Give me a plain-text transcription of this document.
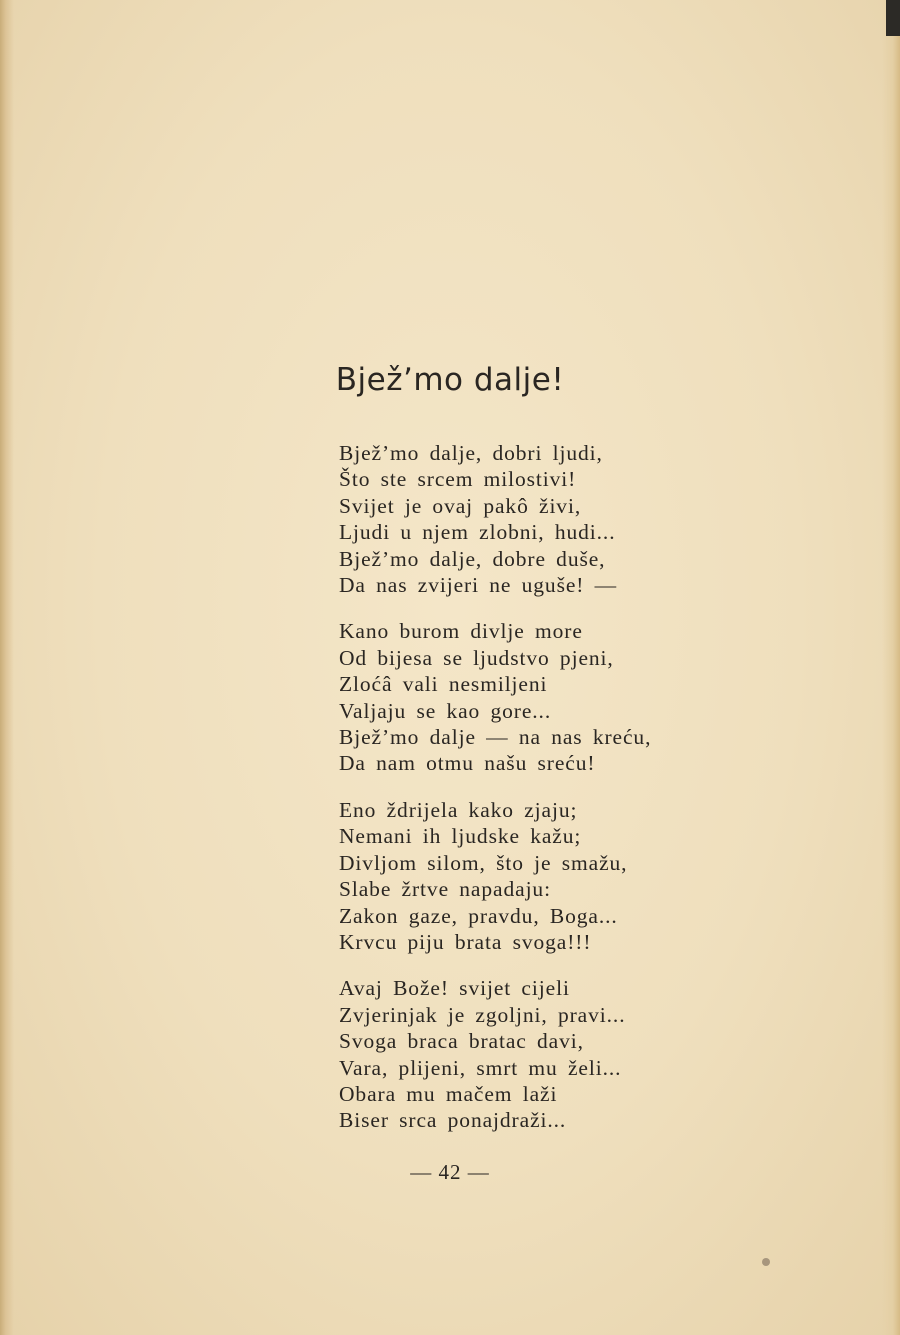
Bjež’mo dalje!
Bjež’mo dalje, dobri ljudi,
Što ste srcem milostivi!
Svijet je ovaj pakô živi,
Ljudi u njem zlobni, hudi...
Bjež’mo dalje, dobre duše,
Da nas zvijeri ne uguše! —
Kano burom divlje more
Od bijesa se ljudstvo pjeni,
Zloćâ vali nesmiljeni
Valjaju se kao gore...
Bjež’mo dalje — na nas kreću,
Da nam otmu našu sreću!
Eno ždrijela kako zjaju;
Nemani ih ljudske kažu;
Divljom silom, što je smažu,
Slabe žrtve napadaju:
Zakon gaze, pravdu, Boga...
Krvcu piju brata svoga!!!
Avaj Bože! svijet cijeli
Zvjerinjak je zgoljni, pravi...
Svoga braca bratac davi,
Vara, plijeni, smrt mu želi...
Obara mu mačem laži
Biser srca ponajdraži...
— 42 —
